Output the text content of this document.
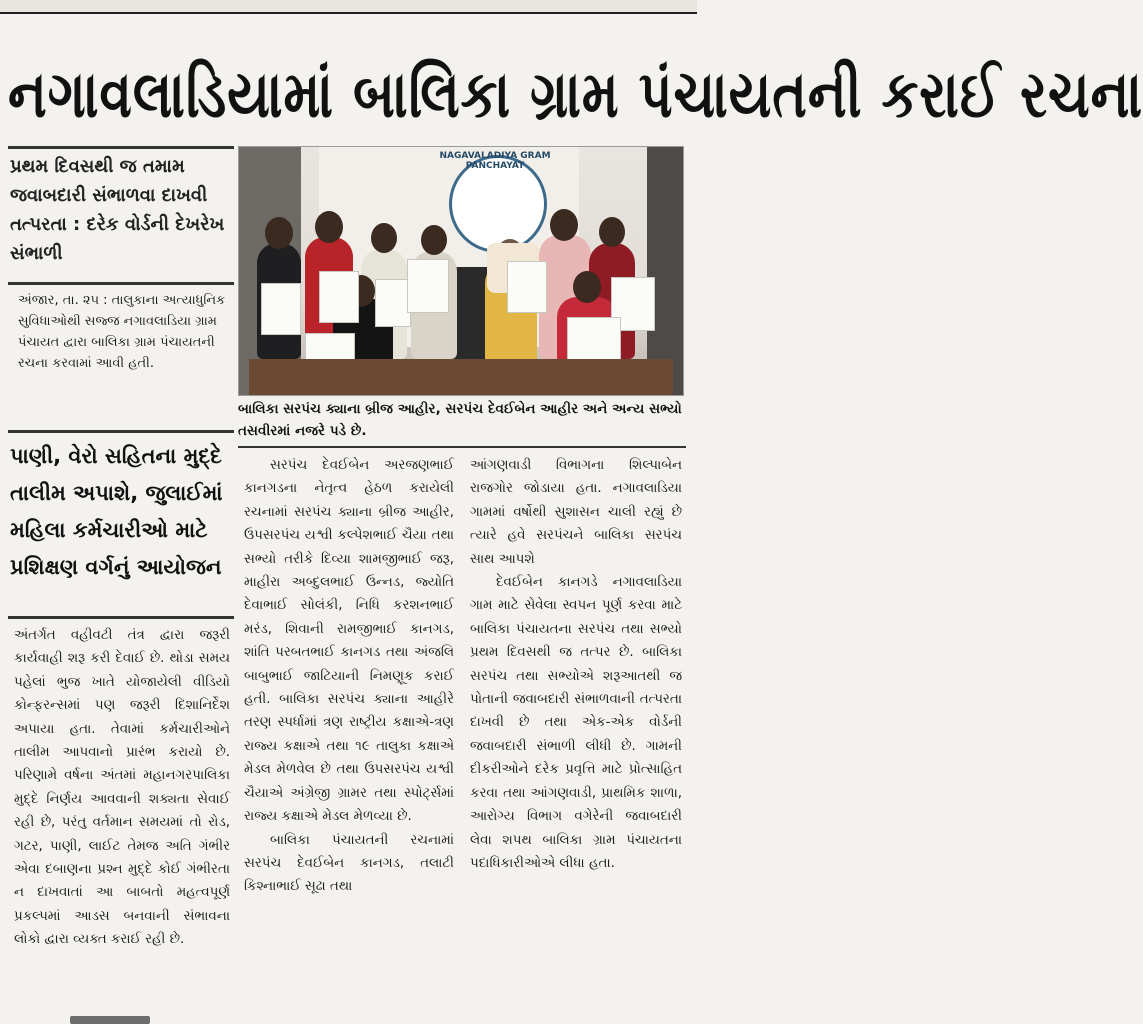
નગાવલાડિયામાં બાલિકા ગ્રામ પંચાયતની કરાઈ રચના
પ્રથમ દિવસથી જ તમામ જવાબદારી સંભાળવા દાખવી તત્પરતા : દરેક વોર્ડની દેખરેખ સંભાળી
અંજાર, તા. ૨૫ : તાલુકાના અત્યાધુનિક સુવિધાઓથી સજ્જ નગાવલાડિયા ગ્રામ પંચાયત દ્વારા બાલિકા ગ્રામ પંચાયતની રચના કરવામાં આવી હતી.
પાણી, વેરો સહિતના મુદ્દે તાલીમ અપાશે, જુલાઈમાં મહિલા કર્મચારીઓ માટે પ્રશિક્ષણ વર્ગનું આયોજન

અંતર્ગત વહીવટી તંત્ર દ્વારા જરૂરી કાર્યવાહી શરૂ કરી દેવાઈ છે. થોડા સમય પહેલાં ભુજ ખાતે યોજાયેલી વીડિયો કોન્ફરન્સમાં પણ જરૂરી દિશાનિર્દેશ અપાયા હતા. તેવામાં કર્મચારીઓને તાલીમ આપવાનો પ્રારંભ કરાયો છે. પરિણામે વર્ષના અંતમાં મહાનગરપાલિકા મુદ્દે નિર્ણય આવવાની શક્યતા સેવાઈ રહી છે, પરંતુ વર્તમાન સમયમાં તો રોડ, ગટર, પાણી, લાઈટ તેમજ અતિ ગંભીર એવા દબાણના પ્રશ્ન મુદ્દે કોઈ ગંભીરતા ન દાખવાતાં આ બાબતો મહત્વપૂર્ણ પ્રકલ્પમાં આડસ બનવાની સંભાવના લોકો દ્વારા વ્યક્ત કરાઈ રહી છે.

NAGAVALADIYA GRAM PANCHAYAT
બાલિકા સરપંચ ક્યાના બ્રીજ આહીર, સરપંચ દેવઈબેન આહીર અને અન્ય સભ્યો તસવીરમાં નજરે પડે છે.

સરપંચ દેવઈબેન અરજણભાઈ કાનગડના નેતૃત્વ હેઠળ કરાયેલી રચનામાં સરપંચ ક્યાના બ્રીજ આહીર, ઉપસરપંચ યશ્વી કલ્પેશભાઈ ચૈયા તથા સભ્યો તરીકે દિવ્યા શામજીભાઈ જરૂ, માહીરા અબ્દુલભાઈ ઉન્નડ, જ્યોતિ દેવાભાઈ સોલંકી, નિધિ કરશનભાઈ મરંડ, શિવાની રામજીભાઈ કાનગડ, શાંતિ પરબતભાઈ કાનગડ તથા અંજલિ બાબુભાઈ જાટિયાની નિમણૂક કરાઈ હતી. બાલિકા સરપંચ ક્યાના આહીરે તરણ સ્પર્ધામાં ત્રણ રાષ્ટ્રીય કક્ષાએ-ત્રણ રાજ્ય કક્ષાએ તથા ૧૯ તાલુકા કક્ષાએ મેડલ મેળવેલ છે તથા ઉપસરપંચ યશ્વી ચૈયાએ અંગ્રેજી ગ્રામર તથા સ્પોર્ટ્સમાં રાજ્ય કક્ષાએ મેડલ મેળવ્યા છે.

બાલિકા પંચાયતની રચનામાં સરપંચ દેવઈબેન કાનગડ, તલાટી કિશ્નાભાઈ સૂઢા તથા

આંગણવાડી વિભાગના શિલ્પાબેન રાજગોર જોડાયા હતા. નગાવલાડિયા ગામમાં વર્ષોથી સુશાસન ચાલી રહ્યું છે ત્યારે હવે સરપંચને બાલિકા સરપંચ સાથ આપશે

દેવઈબેન કાનગડે નગાવલાડિયા ગામ માટે સેવેલા સ્વપન પૂર્ણ કરવા માટે બાલિકા પંચાયતના સરપંચ તથા સભ્યો પ્રથમ દિવસથી જ તત્પર છે. બાલિકા સરપંચ તથા સભ્યોએ શરૂઆતથી જ પોતાની જવાબદારી સંભાળવાની તત્પરતા દાખવી છે તથા એક-એક વોર્ડની જવાબદારી સંભાળી લીધી છે. ગામની દીકરીઓને દરેક પ્રવૃત્તિ માટે પ્રોત્સાહિત કરવા તથા આંગણવાડી, પ્રાથમિક શાળા, આરોગ્ય વિભાગ વગેરેની જવાબદારી લેવા શપથ બાલિકા ગ્રામ પંચાયતના પદાધિકારીઓએ લીધા હતા.
